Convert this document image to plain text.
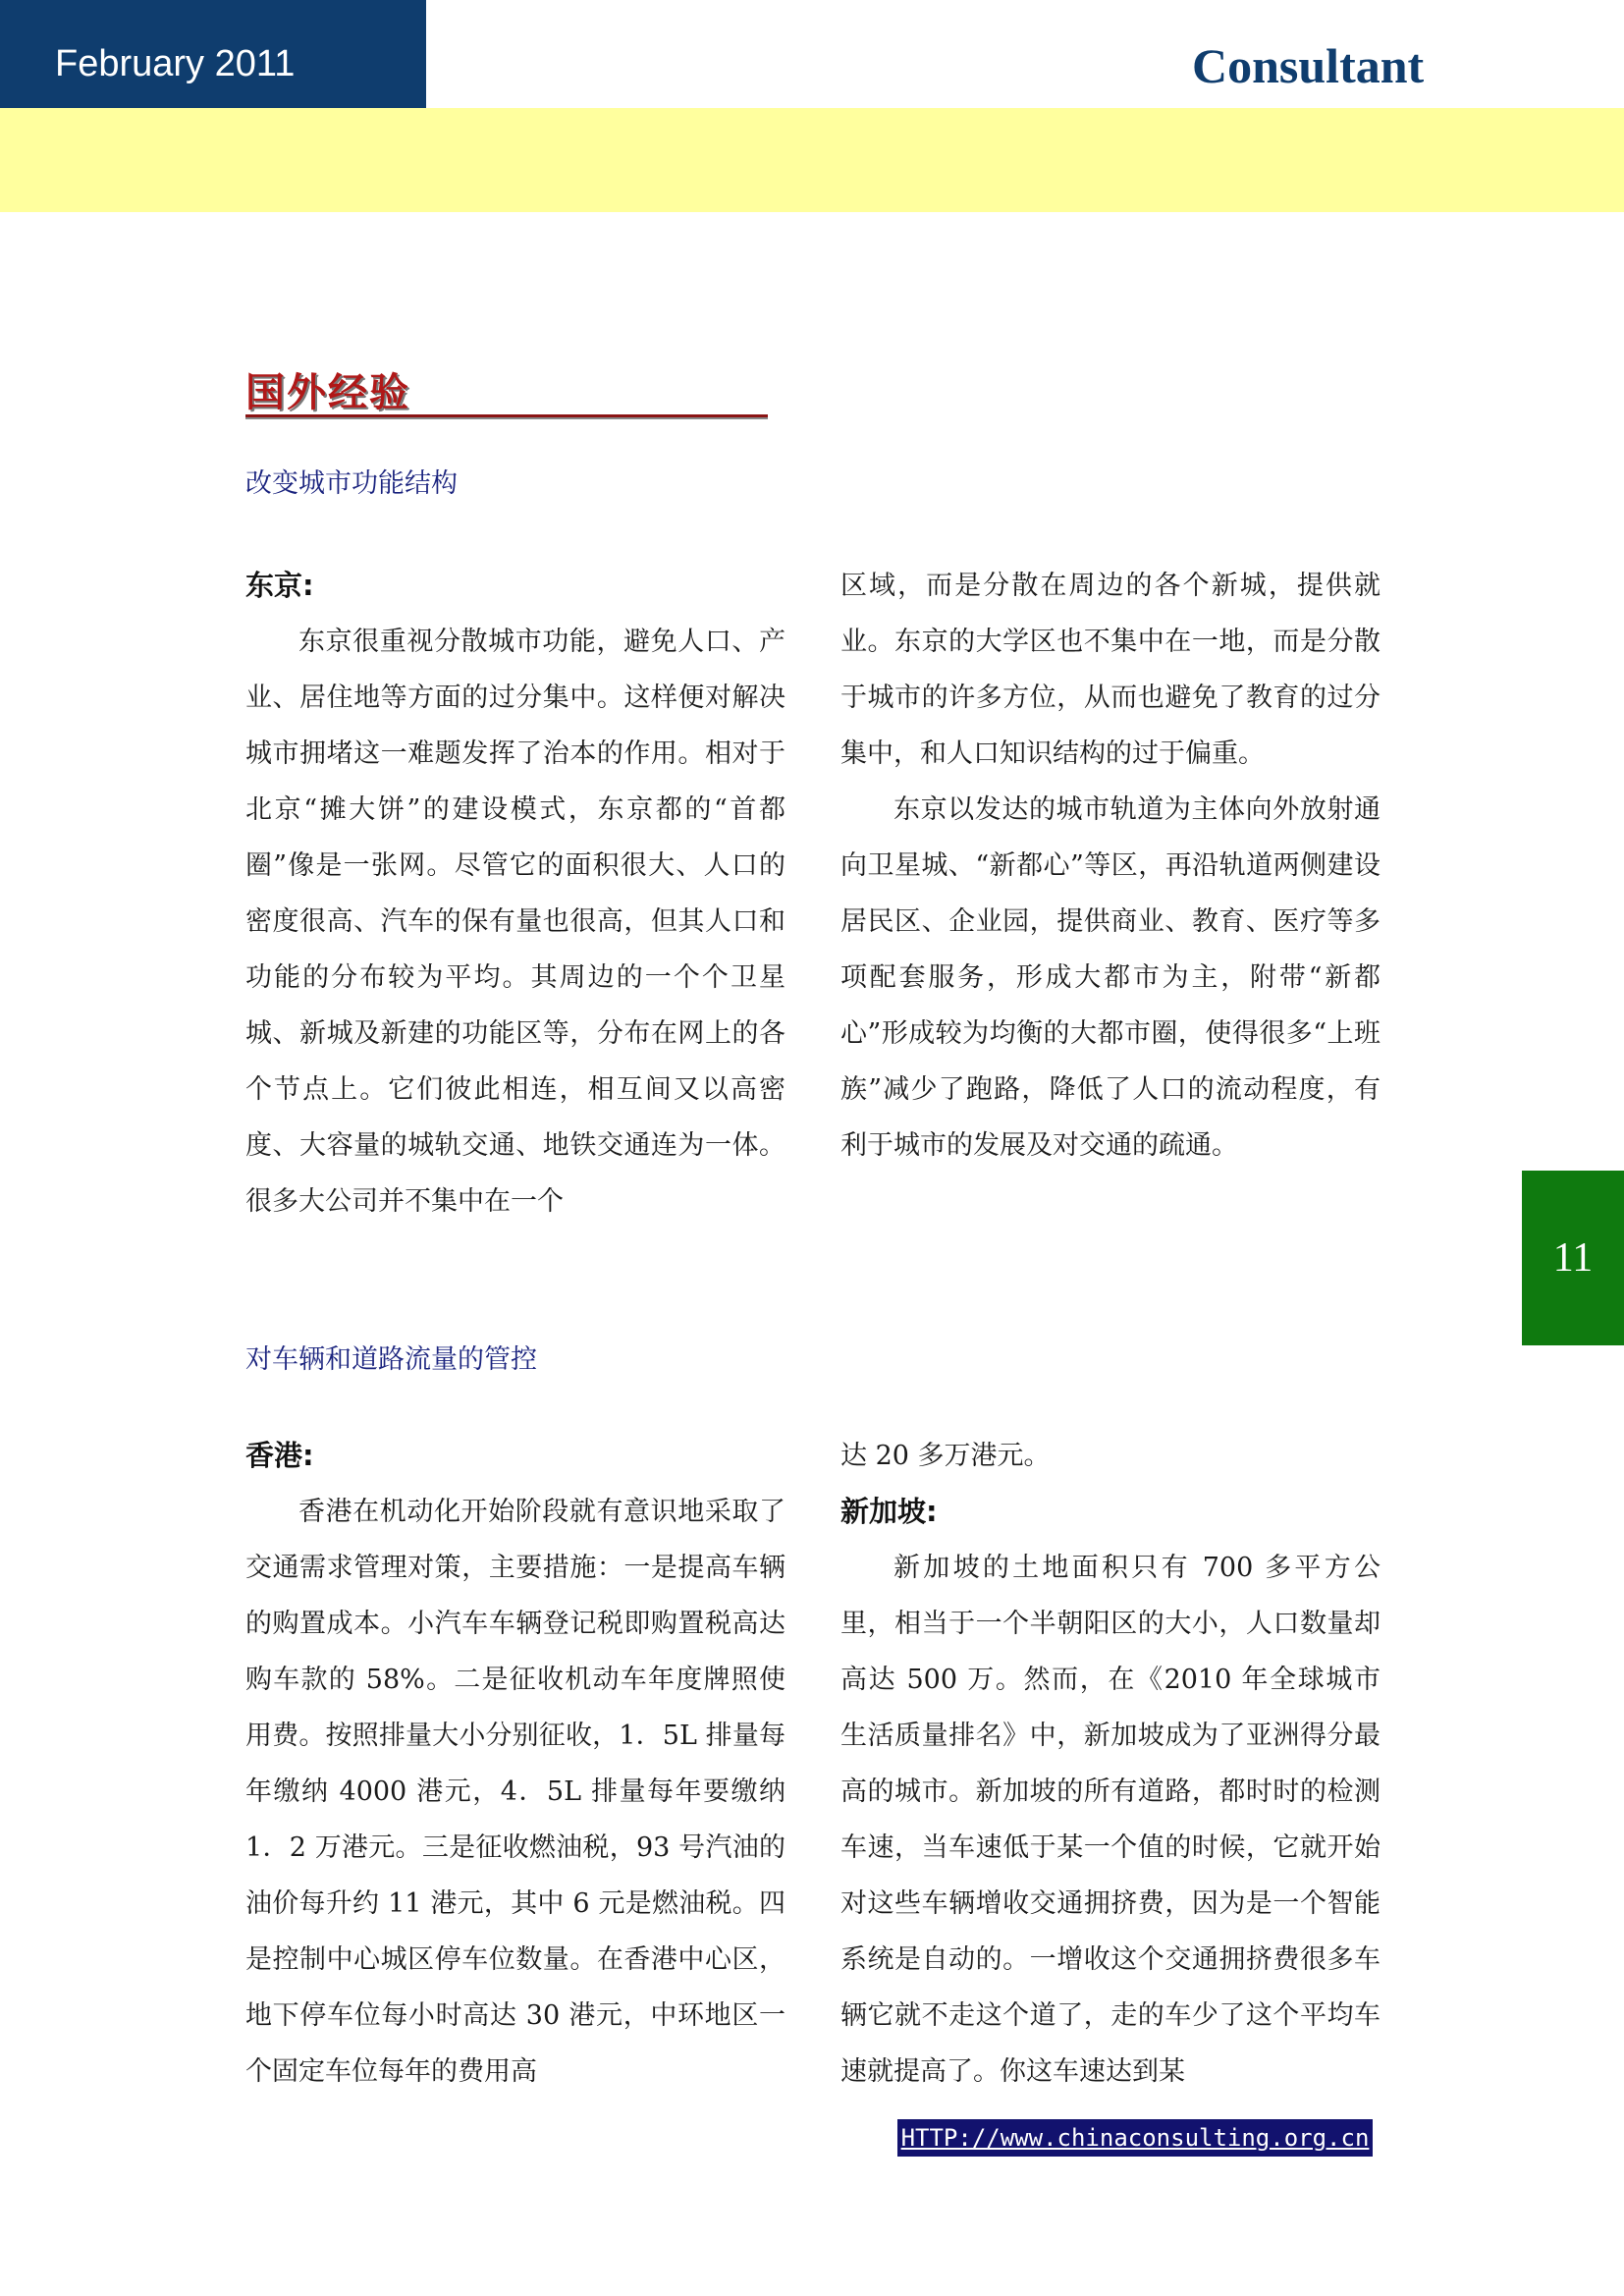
February 2011	Consultant
国外经验
改变城市功能结构

东京:

东京很重视分散城市功能，避免人口、产业、居住地等方面的过分集中。这样便对解决城市拥堵这一难题发挥了治本的作用。相对于北京“摊大饼”的建设模式，东京都的“首都圈”像是一张网。尽管它的面积很大、人口的密度很高、汽车的保有量也很高，但其人口和功能的分布较为平均。其周边的一个个卫星城、新城及新建的功能区等，分布在网上的各个节点上。它们彼此相连，相互间又以高密度、大容量的城轨交通、地铁交通连为一体。很多大公司并不集中在一个

区域，而是分散在周边的各个新城，提供就业。东京的大学区也不集中在一地，而是分散于城市的许多方位，从而也避免了教育的过分集中，和人口知识结构的过于偏重。

东京以发达的城市轨道为主体向外放射通向卫星城、“新都心”等区，再沿轨道两侧建设居民区、企业园，提供商业、教育、医疗等多项配套服务，形成大都市为主，附带“新都心”形成较为均衡的大都市圈，使得很多“上班族”减少了跑路，降低了人口的流动程度，有利于城市的发展及对交通的疏通。

对车辆和道路流量的管控

香港:

香港在机动化开始阶段就有意识地采取了交通需求管理对策，主要措施：一是提高车辆的购置成本。小汽车车辆登记税即购置税高达购车款的 58%。二是征收机动车年度牌照使用费。按照排量大小分别征收，1．5L 排量每年缴纳 4000 港元，4．5L 排量每年要缴纳 1．2 万港元。三是征收燃油税，93 号汽油的油价每升约 11 港元，其中 6 元是燃油税。四是控制中心城区停车位数量。在香港中心区，地下停车位每小时高达 30 港元，中环地区一个固定车位每年的费用高

达 20 多万港元。

新加坡:

新加坡的土地面积只有 700 多平方公里，相当于一个半朝阳区的大小，人口数量却高达 500 万。然而，在《2010 年全球城市生活质量排名》中，新加坡成为了亚洲得分最高的城市。新加坡的所有道路，都时时的检测车速，当车速低于某一个值的时候，它就开始对这些车辆增收交通拥挤费，因为是一个智能系统是自动的。一增收这个交通拥挤费很多车辆它就不走这个道了，走的车少了这个平均车速就提高了。你这车速达到某

11
HTTP://www.chinaconsulting.org.cn
